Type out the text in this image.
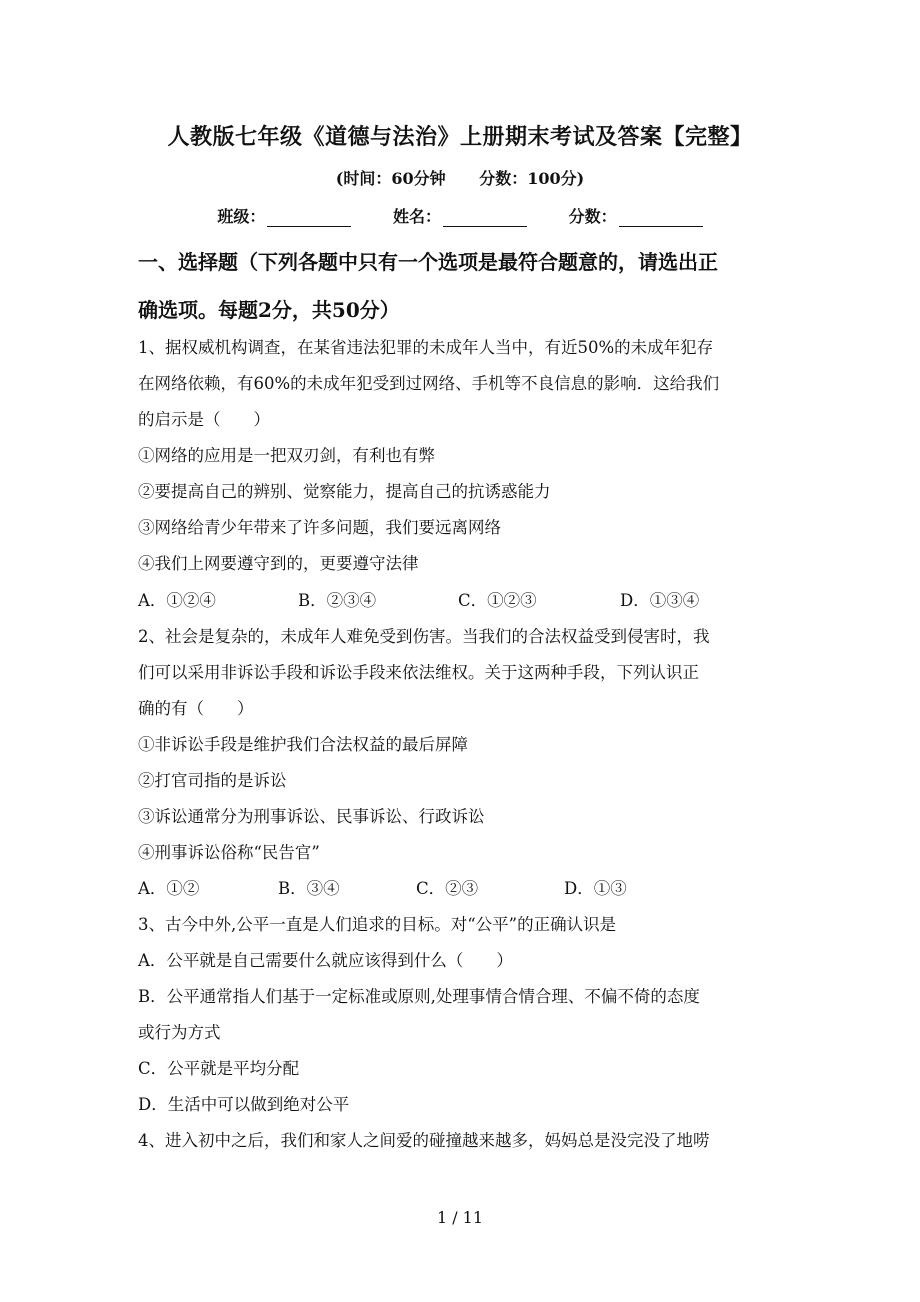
人教版七年级《道德与法治》上册期末考试及答案【完整】
(时间：60分钟 分数：100分)
班级：	姓名：	分数：
一、选择题（下列各题中只有一个选项是最符合题意的，请选出正
确选项。每题2分，共50分）
1、据权威机构调查，在某省违法犯罪的未成年人当中，有近50%的未成年犯存
在网络依赖，有60%的未成年犯受到过网络、手机等不良信息的影响．这给我们
的启示是（　　）
①网络的应用是一把双刃剑，有利也有弊
②要提高自己的辨别、觉察能力，提高自己的抗诱惑能力
③网络给青少年带来了许多问题，我们要远离网络
④我们上网要遵守到的，更要遵守法律
A．①②④	B．②③④	C．①②③	D．①③④
2、社会是复杂的，未成年人难免受到伤害。当我们的合法权益受到侵害时，我
们可以采用非诉讼手段和诉讼手段来依法维权。关于这两种手段，下列认识正
确的有（　　）
①非诉讼手段是维护我们合法权益的最后屏障
②打官司指的是诉讼
③诉讼通常分为刑事诉讼、民事诉讼、行政诉讼
④刑事诉讼俗称“民告官”
A．①②	B．③④	C．②③	D．①③
3、古今中外,公平一直是人们追求的目标。对“公平”的正确认识是
A．公平就是自己需要什么就应该得到什么（　　）
B．公平通常指人们基于一定标准或原则,处理事情合情合理、不偏不倚的态度
或行为方式
C．公平就是平均分配
D．生活中可以做到绝对公平
4、进入初中之后，我们和家人之间爱的碰撞越来越多，妈妈总是没完没了地唠
1 / 11
